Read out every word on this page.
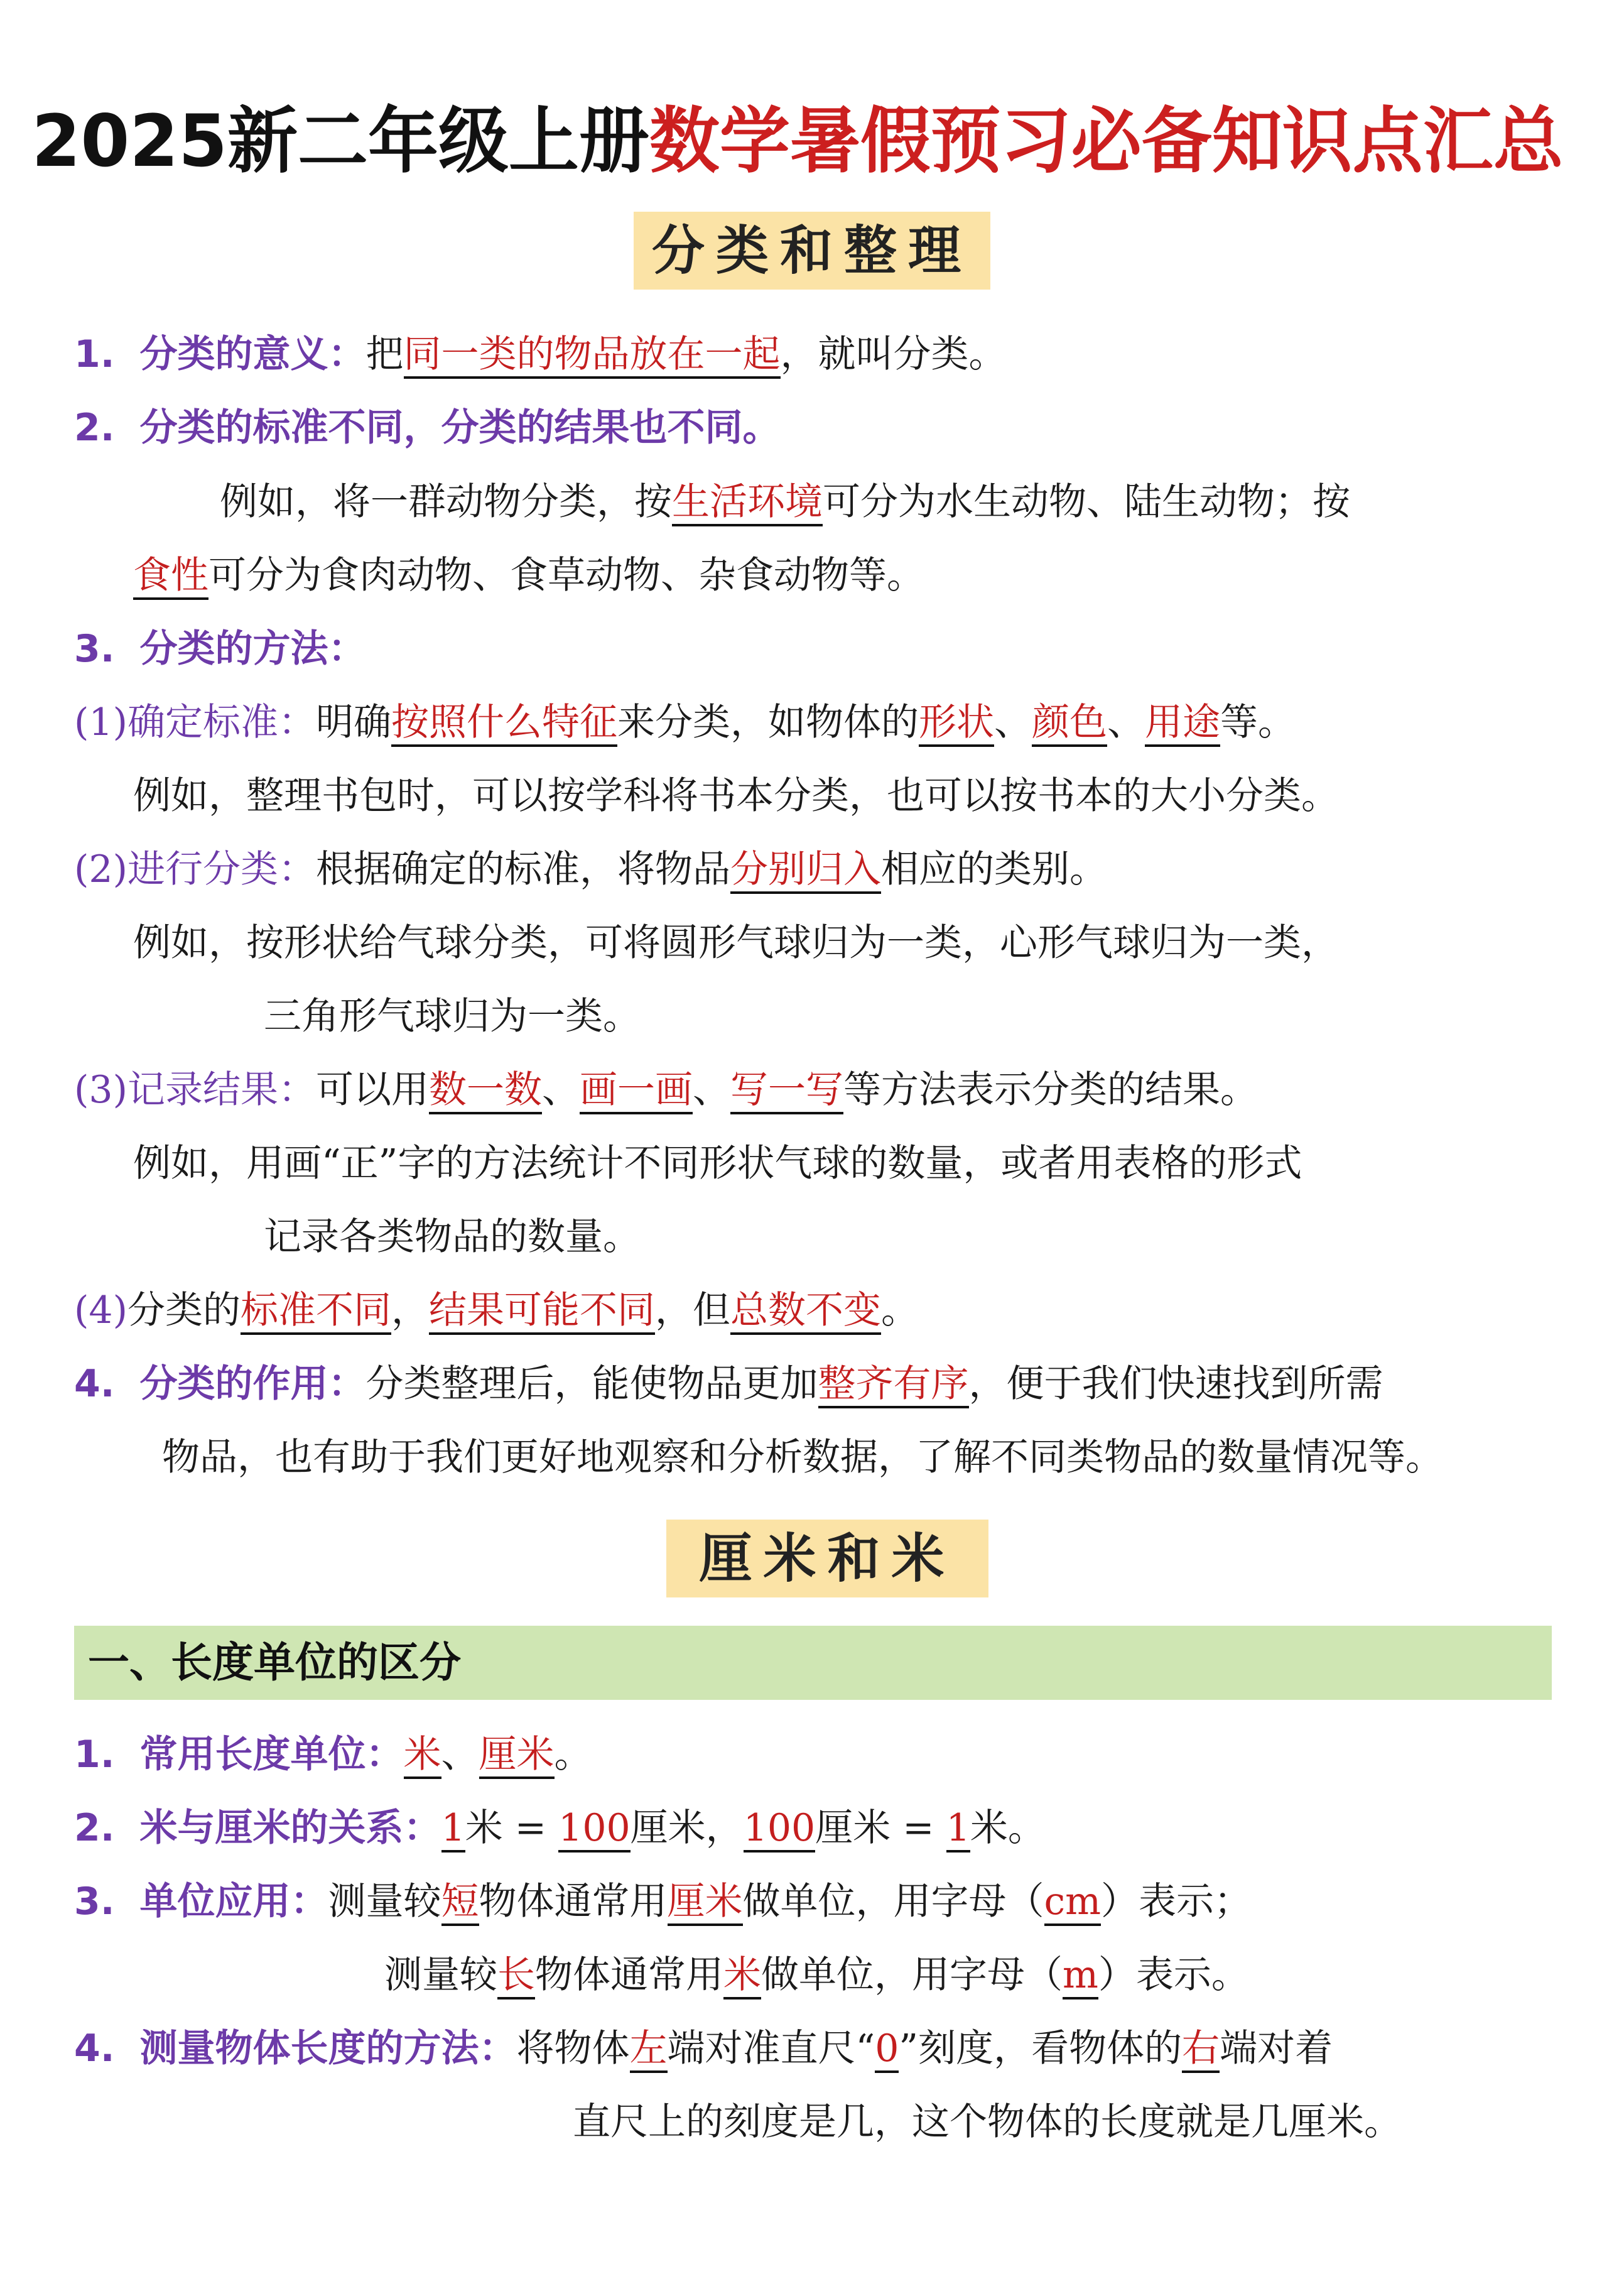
2025新二年级上册数学暑假预习必备知识点汇总
分类和整理
1. 分类的意义：把同一类的物品放在一起，就叫分类。
2. 分类的标准不同，分类的结果也不同。
例如，将一群动物分类，按生活环境可分为水生动物、陆生动物；按
食性可分为食肉动物、食草动物、杂食动物等。
3. 分类的方法：
(1)确定标准：明确按照什么特征来分类，如物体的形状、颜色、用途等。
例如，整理书包时，可以按学科将书本分类，也可以按书本的大小分类。
(2)进行分类：根据确定的标准，将物品分别归入相应的类别。
例如，按形状给气球分类，可将圆形气球归为一类，心形气球归为一类，
三角形气球归为一类。
(3)记录结果：可以用数一数、画一画、写一写等方法表示分类的结果。
例如，用画“正”字的方法统计不同形状气球的数量，或者用表格的形式
记录各类物品的数量。
(4)分类的标准不同，结果可能不同，但总数不变。
4. 分类的作用：分类整理后，能使物品更加整齐有序，便于我们快速找到所需
物品，也有助于我们更好地观察和分析数据，了解不同类物品的数量情况等。
厘米和米
一、长度单位的区分
1. 常用长度单位：米、厘米。
2. 米与厘米的关系：1米 = 100厘米，100厘米 = 1米。
3. 单位应用：测量较短物体通常用厘米做单位，用字母（cm）表示；
测量较长物体通常用米做单位，用字母（m）表示。
4. 测量物体长度的方法：将物体左端对准直尺“0”刻度，看物体的右端对着
直尺上的刻度是几，这个物体的长度就是几厘米。
